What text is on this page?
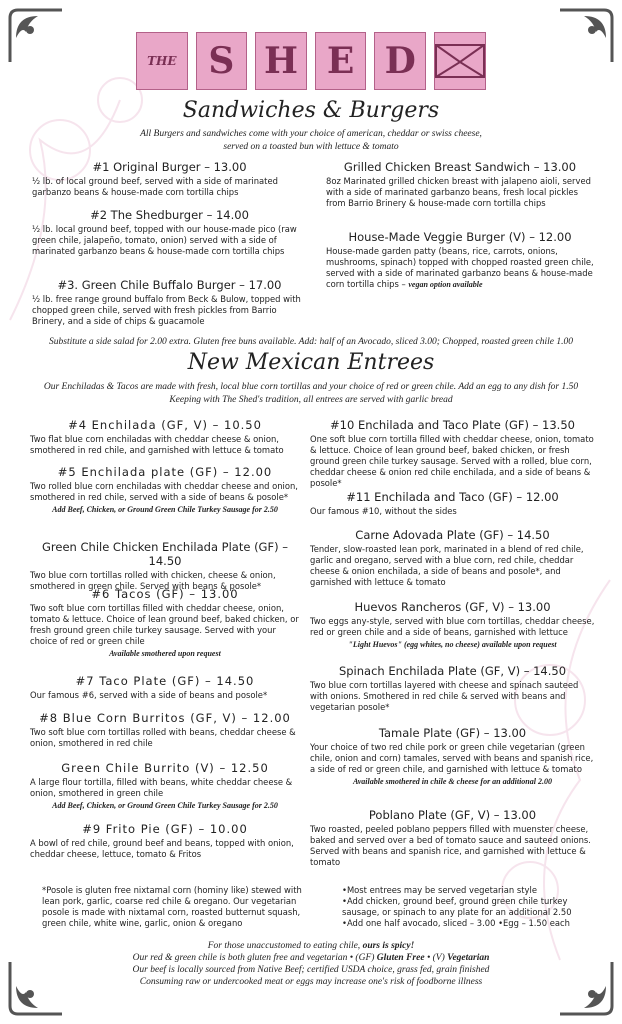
THE S H E D
Sandwiches & Burgers
All Burgers and sandwiches come with your choice of american, cheddar or swiss cheese,
served on a toasted bun with lettuce & tomato

#1 Original Burger – 13.00

½ lb. of local ground beef, served with a side of marinated garbanzo beans & house-made corn tortilla chips

#2 The Shedburger – 14.00

½ lb. local ground beef, topped with our house-made pico (raw green chile, jalapeño, tomato, onion) served with a side of marinated garbanzo beans & house-made corn tortilla chips

#3. Green Chile Buffalo Burger – 17.00

½ lb. free range ground buffalo from Beck & Bulow, topped with chopped green chile, served with fresh pickles from Barrio Brinery, and a side of chips & guacamole

Grilled Chicken Breast Sandwich – 13.00

8oz Marinated grilled chicken breast with jalapeno aioli, served with a side of marinated garbanzo beans, fresh local pickles from Barrio Brinery & house-made corn tortilla chips

House-Made Veggie Burger (V) – 12.00

House-made garden patty (beans, rice, carrots, onions, mushrooms, spinach) topped with chopped roasted green chile, served with a side of marinated garbanzo beans & house-made corn tortilla chips – vegan option available

Substitute a side salad for 2.00 extra. Gluten free buns available. Add: half of an Avocado, sliced 3.00; Chopped, roasted green chile 1.00
New Mexican Entrees
Our Enchiladas & Tacos are made with fresh, local blue corn tortillas and your choice of red or green chile. Add an egg to any dish for 1.50
Keeping with The Shed's tradition, all entrees are served with garlic bread

#4 Enchilada (GF, V) – 10.50

Two flat blue corn enchiladas with cheddar cheese & onion, smothered in red chile, and garnished with lettuce & tomato

#5 Enchilada plate (GF) – 12.00

Two rolled blue corn enchiladas with cheddar cheese and onion, smothered in red chile, served with a side of beans & posole*

Add Beef, Chicken, or Ground Green Chile Turkey Sausage for 2.50

Green Chile Chicken Enchilada Plate (GF) – 14.50

Two blue corn tortillas rolled with chicken, cheese & onion, smothered in green chile. Served with beans & posole*

#6 Tacos (GF) – 13.00

Two soft blue corn tortillas filled with cheddar cheese, onion, tomato & lettuce. Choice of lean ground beef, baked chicken, or fresh ground green chile turkey sausage. Served with your choice of red or green chile

Available smothered upon request

#7 Taco Plate (GF) – 14.50

Our famous #6, served with a side of beans and posole*

#8 Blue Corn Burritos (GF, V) – 12.00

Two soft blue corn tortillas rolled with beans, cheddar cheese & onion, smothered in red chile

Green Chile Burrito (V) – 12.50

A large flour tortilla, filled with beans, white cheddar cheese & onion, smothered in green chile

Add Beef, Chicken, or Ground Green Chile Turkey Sausage for 2.50

#9 Frito Pie (GF) – 10.00

A bowl of red chile, ground beef and beans, topped with onion, cheddar cheese, lettuce, tomato & Fritos

#10 Enchilada and Taco Plate (GF) – 13.50

One soft blue corn tortilla filled with cheddar cheese, onion, tomato & lettuce. Choice of lean ground beef, baked chicken, or fresh ground green chile turkey sausage. Served with a rolled, blue corn, cheddar cheese & onion red chile enchilada, and a side of beans & posole*

#11 Enchilada and Taco (GF) – 12.00

Our famous #10, without the sides

Carne Adovada Plate (GF) – 14.50

Tender, slow-roasted lean pork, marinated in a blend of red chile, garlic and oregano, served with a blue corn, red chile, cheddar cheese & onion enchilada, a side of beans and posole*, and garnished with lettuce & tomato

Huevos Rancheros (GF, V) – 13.00

Two eggs any-style, served with blue corn tortillas, cheddar cheese, red or green chile and a side of beans, garnished with lettuce

"Light Huevos" (egg whites, no cheese) available upon request

Spinach Enchilada Plate (GF, V) – 14.50

Two blue corn tortillas layered with cheese and spinach sauteed with onions. Smothered in red chile & served with beans and vegetarian posole*

Tamale Plate (GF) – 13.00

Your choice of two red chile pork or green chile vegetarian (green chile, onion and corn) tamales, served with beans and spanish rice, a side of red or green chile, and garnished with lettuce & tomato

Available smothered in chile & cheese for an additional 2.00

Poblano Plate (GF, V) – 13.00

Two roasted, peeled poblano peppers filled with muenster cheese, baked and served over a bed of tomato sauce and sauteed onions. Served with beans and spanish rice, and garnished with lettuce & tomato

*Posole is gluten free nixtamal corn (hominy like) stewed with lean pork, garlic, coarse red chile & oregano. Our vegetarian posole is made with nixtamal corn, roasted butternut squash, green chile, white wine, garlic, onion & oregano
•Most entrees may be served vegetarian style
•Add chicken, ground beef, ground green chile turkey sausage, or spinach to any plate for an additional 2.50
•Add one half avocado, sliced – 3.00 •Egg – 1.50 each
For those unaccustomed to eating chile, ours is spicy!
Our red & green chile is both gluten free and vegetarian • (GF) Gluten Free • (V) Vegetarian
Our beef is locally sourced from Native Beef; certified USDA choice, grass fed, grain finished
Consuming raw or undercooked meat or eggs may increase one's risk of foodborne illness
